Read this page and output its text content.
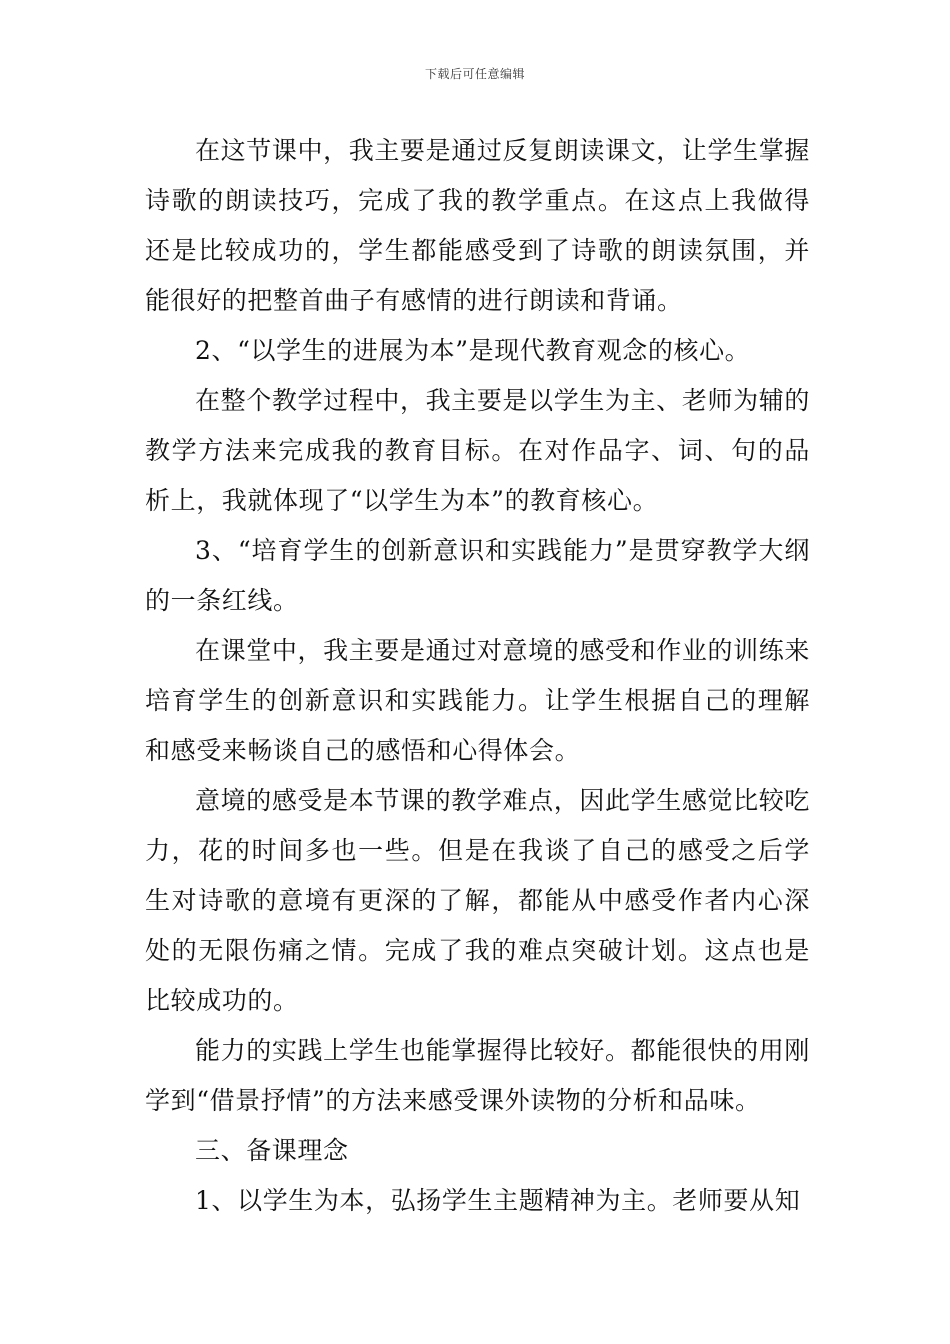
下载后可任意编辑

在这节课中，我主要是通过反复朗读课文，让学生掌握诗歌的朗读技巧，完成了我的教学重点。在这点上我做得还是比较成功的，学生都能感受到了诗歌的朗读氛围，并能很好的把整首曲子有感情的进行朗读和背诵。

2、“以学生的进展为本”是现代教育观念的核心。

在整个教学过程中，我主要是以学生为主、老师为辅的教学方法来完成我的教育目标。在对作品字、词、句的品析上，我就体现了“以学生为本”的教育核心。

3、“培育学生的创新意识和实践能力”是贯穿教学大纲的一条红线。

在课堂中，我主要是通过对意境的感受和作业的训练来培育学生的创新意识和实践能力。让学生根据自己的理解和感受来畅谈自己的感悟和心得体会。

意境的感受是本节课的教学难点，因此学生感觉比较吃力，花的时间多也一些。但是在我谈了自己的感受之后学生对诗歌的意境有更深的了解，都能从中感受作者内心深处的无限伤痛之情。完成了我的难点突破计划。这点也是比较成功的。

能力的实践上学生也能掌握得比较好。都能很快的用刚学到“借景抒情”的方法来感受课外读物的分析和品味。

三、备课理念

1、以学生为本，弘扬学生主题精神为主。老师要从知
